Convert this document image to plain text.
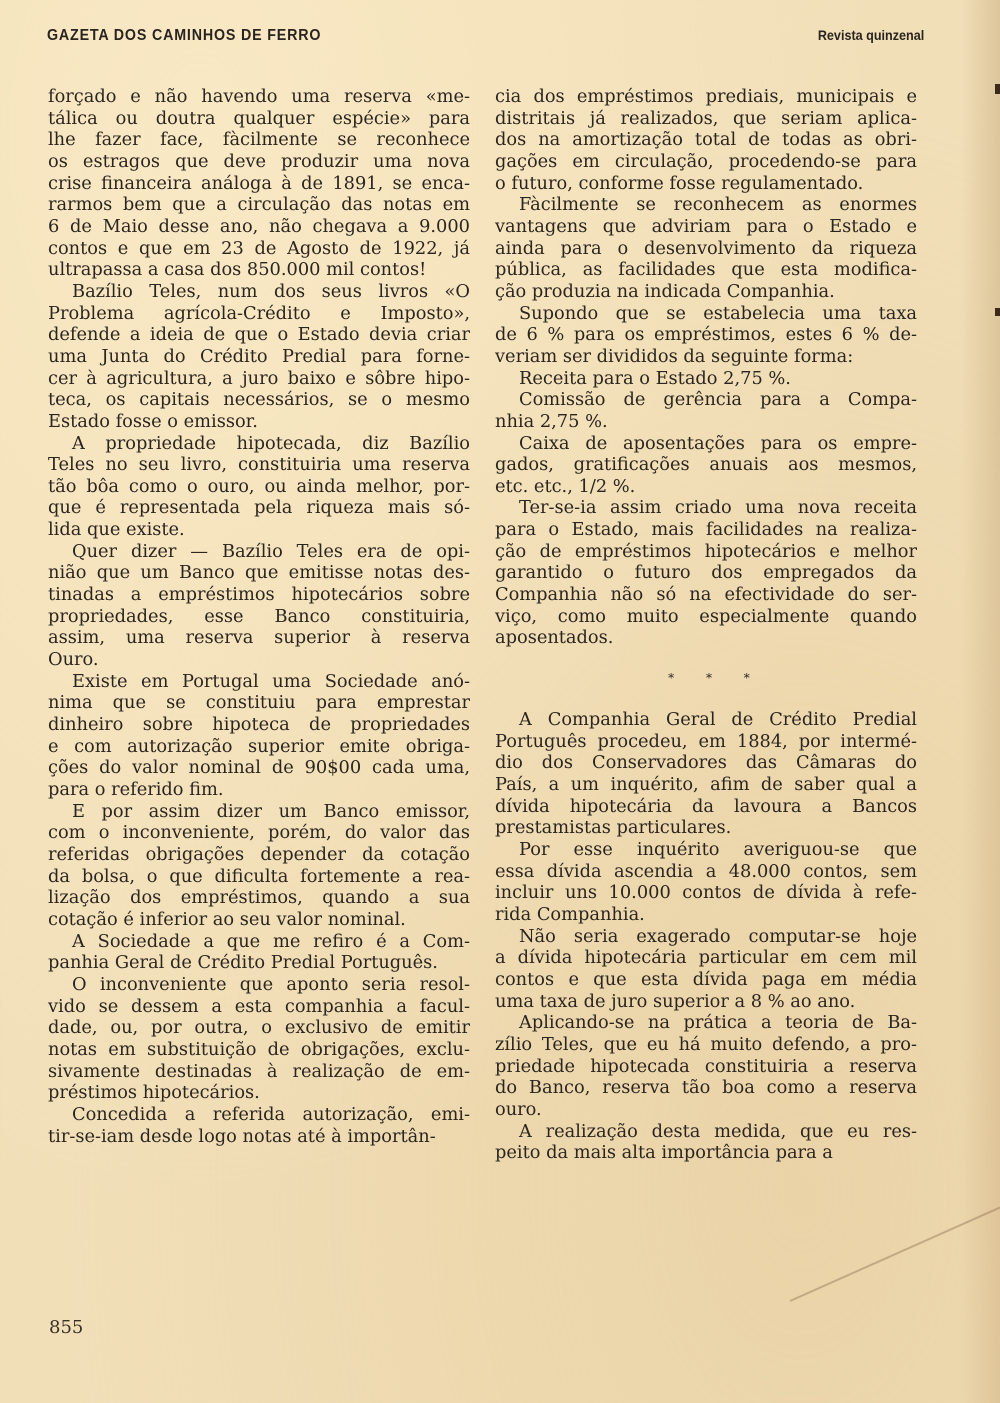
GAZETA DOS CAMINHOS DE FERRO	Revista quinzenal
forçado e não havendo uma reserva «me-
tálica ou doutra qualquer espécie» para
lhe fazer face, fàcilmente se reconhece
os estragos que deve produzir uma nova
crise financeira análoga à de 1891, se enca-
rarmos bem que a circulação das notas em
6 de Maio desse ano, não chegava a 9.000
contos e que em 23 de Agosto de 1922, já
ultrapassa a casa dos 850.000 mil contos!
Bazílio Teles, num dos seus livros «O
Problema agrícola-Crédito e Imposto»,
defende a ideia de que o Estado devia criar
uma Junta do Crédito Predial para forne-
cer à agricultura, a juro baixo e sôbre hipo-
teca, os capitais necessários, se o mesmo
Estado fosse o emissor.
A propriedade hipotecada, diz Bazílio
Teles no seu livro, constituiria uma reserva
tão bôa como o ouro, ou ainda melhor, por-
que é representada pela riqueza mais só-
lida que existe.
Quer dizer — Bazílio Teles era de opi-
nião que um Banco que emitisse notas des-
tinadas a empréstimos hipotecários sobre
propriedades, esse Banco constituiria,
assim, uma reserva superior à reserva
Ouro.
Existe em Portugal uma Sociedade anó-
nima que se constituiu para emprestar
dinheiro sobre hipoteca de propriedades
e com autorização superior emite obriga-
ções do valor nominal de 90$00 cada uma,
para o referido fim.
E por assim dizer um Banco emissor,
com o inconveniente, porém, do valor das
referidas obrigações depender da cotação
da bolsa, o que dificulta fortemente a rea-
lização dos empréstimos, quando a sua
cotação é inferior ao seu valor nominal.
A Sociedade a que me refiro é a Com-
panhia Geral de Crédito Predial Português.
O inconveniente que aponto seria resol-
vido se dessem a esta companhia a facul-
dade, ou, por outra, o exclusivo de emitir
notas em substituição de obrigações, exclu-
sivamente destinadas à realização de em-
préstimos hipotecários.
Concedida a referida autorização, emi-
tir-se-iam desde logo notas até à importân-
cia dos empréstimos prediais, municipais e
distritais já realizados, que seriam aplica-
dos na amortização total de todas as obri-
gações em circulação, procedendo-se para
o futuro, conforme fosse regulamentado.
Fàcilmente se reconhecem as enormes
vantagens que adviriam para o Estado e
ainda para o desenvolvimento da riqueza
pública, as facilidades que esta modifica-
ção produzia na indicada Companhia.
Supondo que se estabelecia uma taxa
de 6 % para os empréstimos, estes 6 % de-
veriam ser divididos da seguinte forma:
Receita para o Estado 2,75 %.
Comissão de gerência para a Compa-
nhia 2,75 %.
Caixa de aposentações para os empre-
gados, gratificações anuais aos mesmos,
etc. etc., 1/2 %.
Ter-se-ia assim criado uma nova receita
para o Estado, mais facilidades na realiza-
ção de empréstimos hipotecários e melhor
garantido o futuro dos empregados da
Companhia não só na efectividade do ser-
viço, como muito especialmente quando
aposentados.
* * *
A Companhia Geral de Crédito Predial
Português procedeu, em 1884, por intermé-
dio dos Conservadores das Câmaras do
País, a um inquérito, afim de saber qual a
dívida hipotecária da lavoura a Bancos
prestamistas particulares.
Por esse inquérito averiguou-se que
essa dívida ascendia a 48.000 contos, sem
incluir uns 10.000 contos de dívida à refe-
rida Companhia.
Não seria exagerado computar-se hoje
a dívida hipotecária particular em cem mil
contos e que esta dívida paga em média
uma taxa de juro superior a 8 % ao ano.
Aplicando-se na prática a teoria de Ba-
zílio Teles, que eu há muito defendo, a pro-
priedade hipotecada constituiria a reserva
do Banco, reserva tão boa como a reserva
ouro.
A realização desta medida, que eu res-
peito da mais alta importância para a
855
